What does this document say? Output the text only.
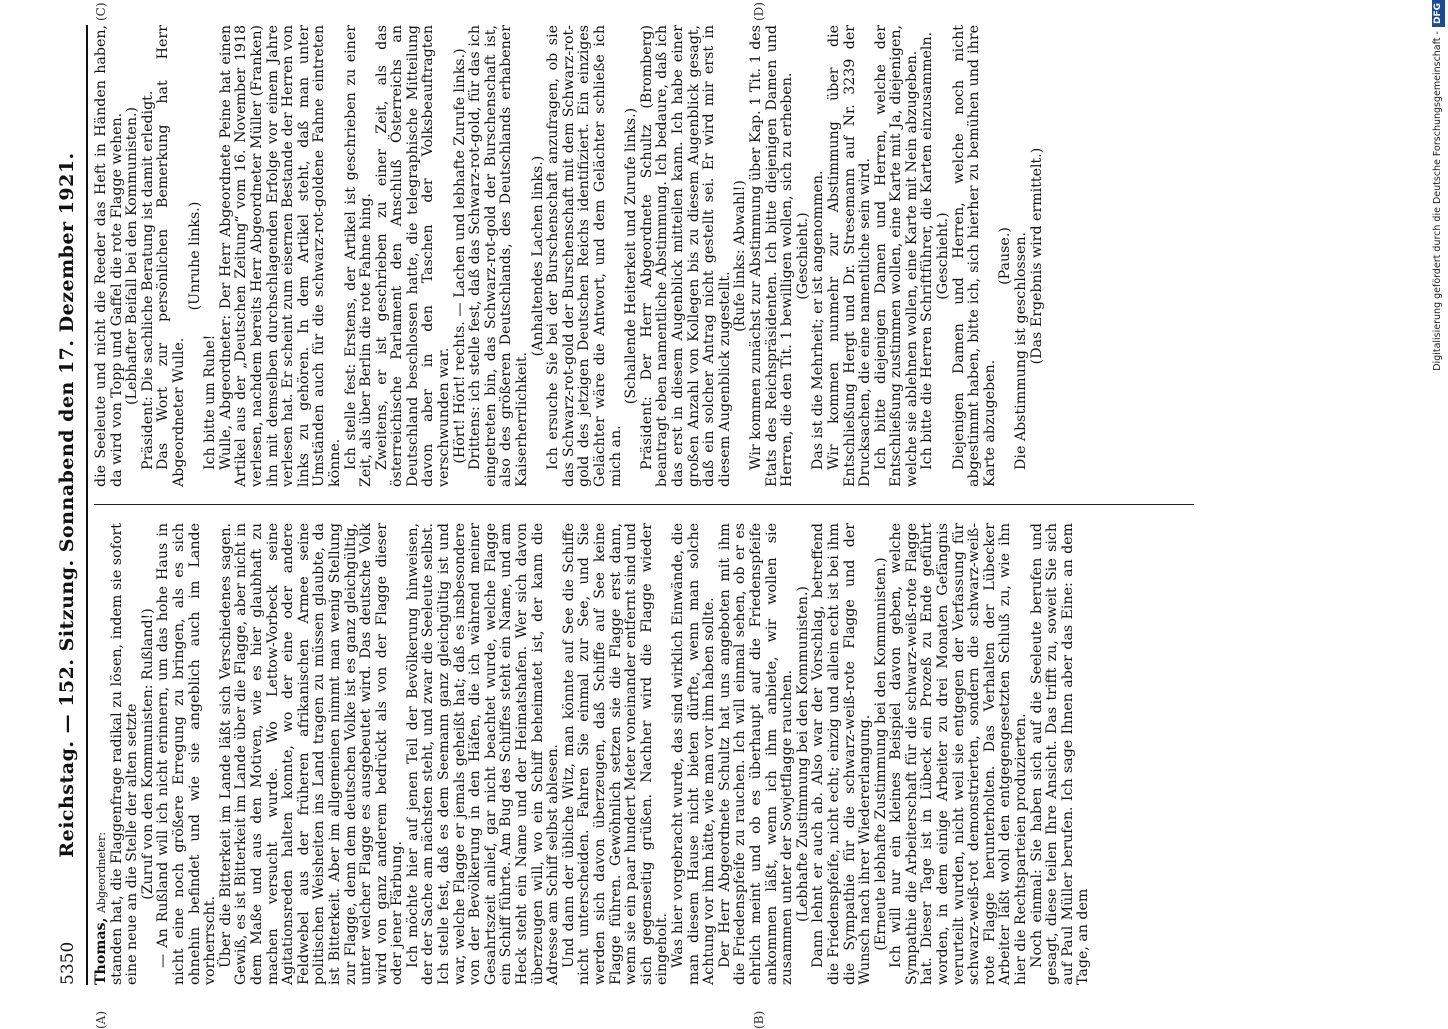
5350
Reichstag. — 152. Sitzung. Sonnabend den 17. Dezember 1921.
(A)	(B)
(C)	(D)

Thomas, Abgeordneter: standen hat, die Flaggenfrage radikal zu lösen, indem sie sofort eine neue an die Stelle der alten setzte (Zuruf von den Kommunisten: Rußland!) — An Rußland will ich nicht erinnern, um das hohe Haus in nicht eine noch größere Erregung zu bringen, als es sich ohnehin befindet und wie sie angeblich auch im Lande vorherrscht. Über die Bitterkeit im Lande läßt sich Verschiedenes sagen. Gewiß, es ist Bitterkeit im Lande über die Flagge, aber nicht in dem Maße und aus den Motiven, wie es hier glaubhaft zu machen versucht wurde. Wo Lettow-Vorbeck seine Agitationsreden halten konnte, wo der eine oder andere Feldwebel aus der früheren afrikanischen Armee seine politischen Weisheiten ins Land tragen zu müssen glaubte, da ist Bitterkeit. Aber im allgemeinen nimmt man wenig Stellung zur Flagge, denn dem deutschen Volke ist es ganz gleichgültig, unter welcher Flagge es ausgebeutet wird. Das deutsche Volk wird von ganz anderem bedrückt als von der Flagge dieser oder jener Färbung. Ich möchte hier auf jenen Teil der Bevölkerung hinweisen, der der Sache am nächsten steht, und zwar die Seeleute selbst. Ich stelle fest, daß es dem Seemann ganz gleichgültig ist und war, welche Flagge er jemals geheißt hat; daß es insbesondere von der Bevölkerung in den Häfen, die ich während meiner Gesahrtszeit anlief, gar nicht beachtet wurde, welche Flagge ein Schiff führte. Am Bug des Schiffes steht ein Name, und am Heck steht ein Name und der Heimatshafen. Wer sich davon überzeugen will, wo ein Schiff beheimatet ist, der kann die Adresse am Schiff selbst ablesen. Und dann der übliche Witz, man könnte auf See die Schiffe nicht unterscheiden. Fahren Sie einmal zur See, und Sie werden sich davon überzeugen, daß Schiffe auf See keine Flagge führen. Gewöhnlich setzen sie die Flagge erst dann, wenn sie ein paar hundert Meter voneinander entfernt sind und sich gegenseitig grüßen. Nachher wird die Flagge wieder eingeholt. Was hier vorgebracht wurde, das sind wirklich Einwände, die man diesem Hause nicht bieten dürfte, wenn man solche Achtung vor ihm hätte, wie man vor ihm haben sollte. Der Herr Abgeordnete Schultz hat uns angeboten mit ihm die Friedenspfeife zu rauchen. Ich will einmal sehen, ob er es ehrlich meint und ob es überhaupt auf die Friedenspfeife ankommen läßt, wenn ich ihm anbiete, wir wollen sie zusammen unter der Sowjetflagge rauchen. (Lebhafte Zustimmung bei den Kommunisten.) Dann lehnt er auch ab. Also war der Vorschlag, betreffend die Friedenspfeife, nicht echt; einzig und allein echt ist bei ihm die Sympathie für die schwarz-weiß-rote Flagge und der Wunsch nach ihrer Wiedererlangung. (Erneute lebhafte Zustimmung bei den Kommunisten.) Ich will nur ein kleines Beispiel davon geben, welche Sympathie die Arbeiterschaft für die schwarz-weiß-rote Flagge hat. Dieser Tage ist in Lübeck ein Prozeß zu Ende geführt worden, in dem einige Arbeiter zu drei Monaten Gefängnis verurteilt wurden, nicht weil sie entgegen der Verfassung für schwarz-weiß-rot demonstrierten, sondern die schwarz-weiß-rote Flagge herunterholten. Das Verhalten der Lübecker Arbeiter läßt wohl den entgegengesetzten Schluß zu, wie ihn hier die Rechtsparteien produzierten. Noch einmal: Sie haben sich auf die Seeleute berufen und gesagt, diese teilen Ihre Ansicht. Das trifft zu, soweit Sie sich auf Paul Müller berufen. Ich sage Ihnen aber das Eine: an dem Tage, an dem

die Seeleute und nicht die Reeder das Heft in Händen haben, da wird von Topp und Gaffel die rote Flagge wehen. (Lebhafter Beifall bei den Kommunisten.) Präsident: Die sachliche Beratung ist damit erledigt. Das Wort zur persönlichen Bemerkung hat Herr Abgeordneter Wulle.

(Unruhe links.)

Ich bitte um Ruhe! Wulle, Abgeordneter: Der Herr Abgeordnete Peine hat einen Artikel aus der „Deutschen Zeitung“ vom 16. November 1918 verlesen, nachdem bereits Herr Abgeordneter Müller (Franken) ihn mit demselben durchschlagenden Erfolge vor einem Jahre verlesen hat. Er scheint zum eisernen Bestande der Herren von links zu gehören. In dem Artikel steht, daß man unter Umständen auch für die schwarz-rot-goldene Fahne eintreten könne. Ich stelle fest: Erstens, der Artikel ist geschrieben zu einer Zeit, als über Berlin die rote Fahne hing. Zweitens, er ist geschrieben zu einer Zeit, als das österreichische Parlament den Anschluß Österreichs an Deutschland beschlossen hatte, die telegraphische Mitteilung davon aber in den Taschen der Volksbeauftragten verschwunden war. (Hört! Hört! rechts. — Lachen und lebhafte Zurufe links.) Drittens: ich stelle fest, daß das Schwarz-rot-gold, für das ich eingetreten bin, das Schwarz-rot-gold der Burschenschaft ist, also des größeren Deutschlands, des Deutschlands erhabener Kaiserherrlichkeit.

(Anhaltendes Lachen links.) Ich ersuche Sie bei der Burschenschaft anzufragen, ob sie das Schwarz-rot-gold der Burschenschaft mit dem Schwarz-rot-gold des jetzigen Deutschen Reichs identifiziert. Ein einziges Gelächter wäre die Antwort, und dem Gelächter schließe ich mich an.

(Schallende Heiterkeit und Zurufe links.) Präsident: Der Herr Abgeordnete Schultz (Bromberg) beantragt eben namentliche Abstimmung. Ich bedaure, daß ich das erst in diesem Augenblick mitteilen kann. Ich habe einer großen Anzahl von Kollegen bis zu diesem Augenblick gesagt, daß ein solcher Antrag nicht gestellt sei. Er wird mir erst in diesem Augenblick zugestellt.

(Rufe links: Abwahl!) Wir kommen zunächst zur Abstimmung über Kap. 1 Tit. 1 des Etats des Reichspräsidenten. Ich bitte diejenigen Damen und Herren, die den Tit. 1 bewilligen wollen, sich zu erheben. (Geschieht.) Das ist die Mehrheit; er ist angenommen. Wir kommen nunmehr zur Abstimmung über die Entschließung Hergt und Dr. Stresemann auf Nr. 3239 der Drucksachen, die eine namentliche sein wird. Ich bitte diejenigen Damen und Herren, welche der Entschließung zustimmen wollen, eine Karte mit Ja, diejenigen, welche sie ablehnen wollen, eine Karte mit Nein abzugeben. Ich bitte die Herren Schriftführer, die Karten einzusammeln. (Geschieht.) Diejenigen Damen und Herren, welche noch nicht abgestimmt haben, bitte ich, sich hierher zu bemühen und ihre Karte abzugeben.

(Pause.) Die Abstimmung ist geschlossen. (Das Ergebnis wird ermittelt.)	Digitalisierung gefördert durch die Deutsche Forschungsgemeinschaft -DFG
